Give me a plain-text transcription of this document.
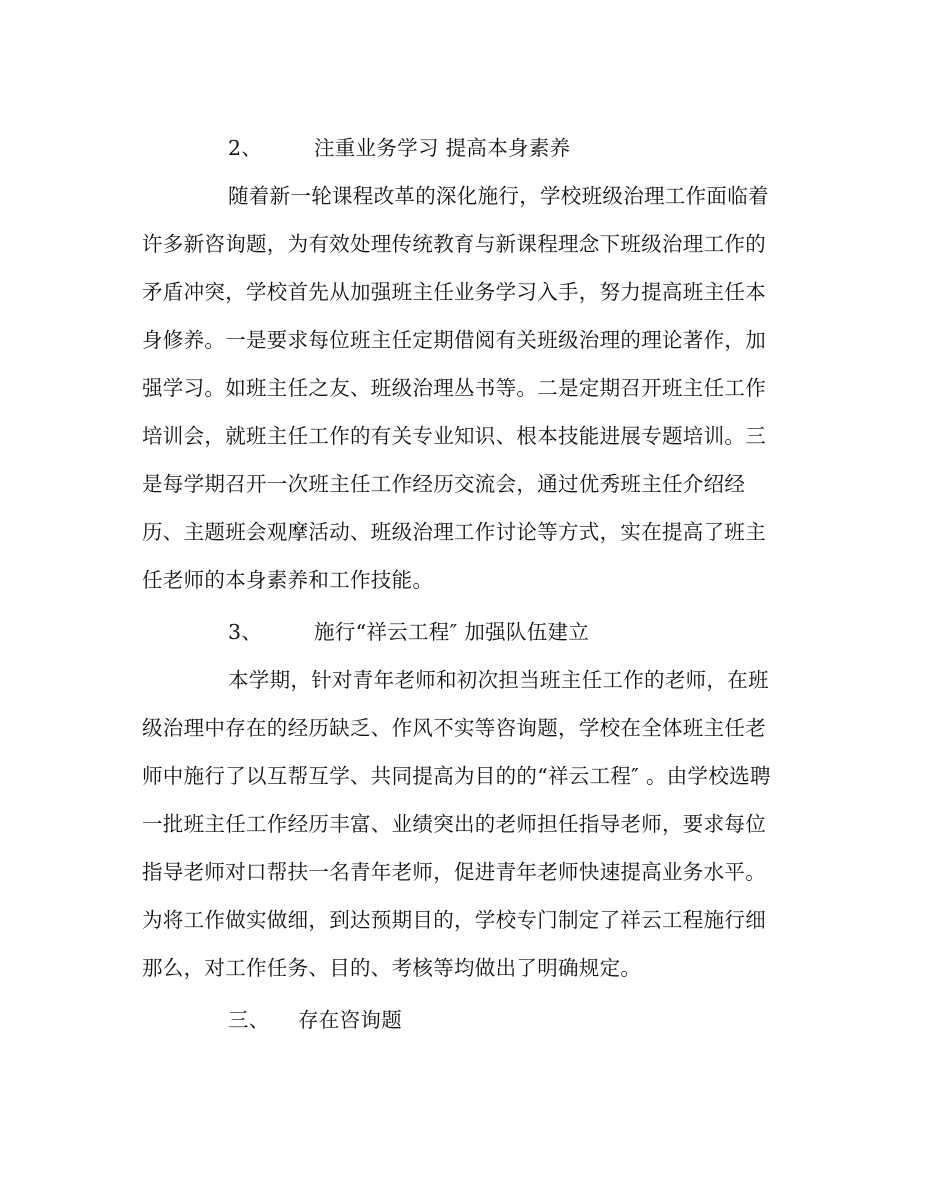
2、	注重业务学习 提高本身素养
随着新一轮课程改革的深化施行，学校班级治理工作面临着
许多新咨询题，为有效处理传统教育与新课程理念下班级治理工作的
矛盾冲突，学校首先从加强班主任业务学习入手，努力提高班主任本
身修养。一是要求每位班主任定期借阅有关班级治理的理论著作，加
强学习。如班主任之友、班级治理丛书等。二是定期召开班主任工作
培训会，就班主任工作的有关专业知识、根本技能进展专题培训。三
是每学期召开一次班主任工作经历交流会，通过优秀班主任介绍经
历、主题班会观摩活动、班级治理工作讨论等方式，实在提高了班主
任老师的本身素养和工作技能。
3、	施行“祥云工程″ 加强队伍建立
本学期，针对青年老师和初次担当班主任工作的老师，在班
级治理中存在的经历缺乏、作风不实等咨询题，学校在全体班主任老
师中施行了以互帮互学、共同提高为目的的“祥云工程″ 。由学校选聘
一批班主任工作经历丰富、业绩突出的老师担任指导老师，要求每位
指导老师对口帮扶一名青年老师，促进青年老师快速提高业务水平。
为将工作做实做细，到达预期目的，学校专门制定了祥云工程施行细
那么，对工作任务、目的、考核等均做出了明确规定。
三、 存在咨询题
